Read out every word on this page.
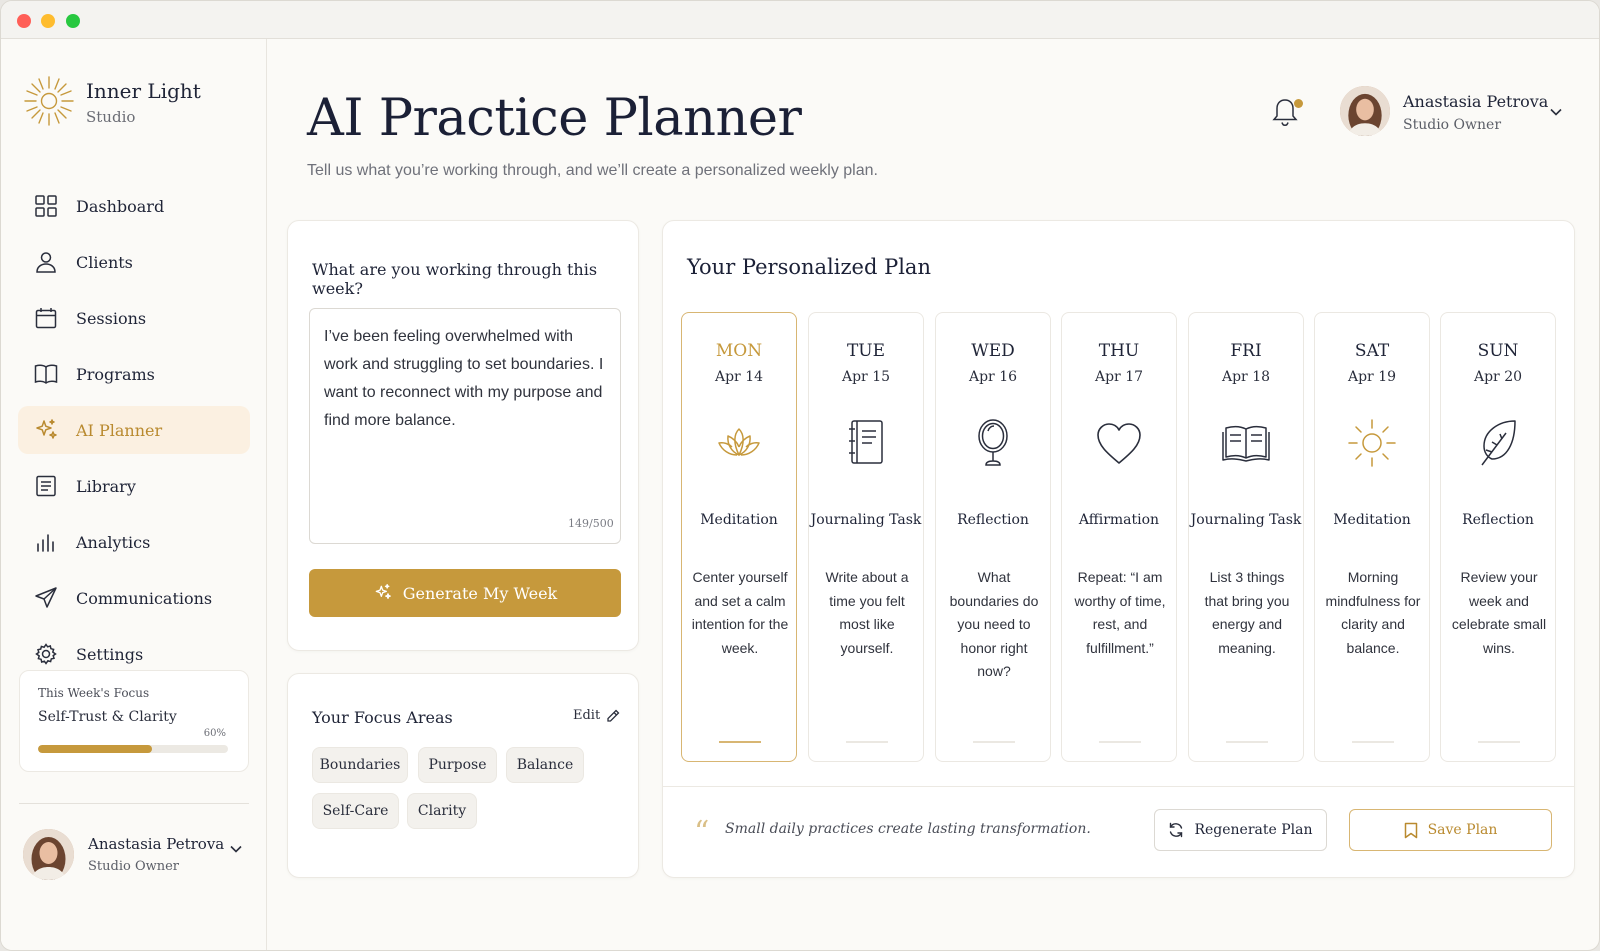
Inner Light
Studio
Dashboard
Clients
Sessions
Programs
AI Planner
Library
Analytics
Communications
Settings
This Week's Focus
Self-Trust & Clarity
60%
Anastasia Petrova
Studio Owner
AI Practice Planner
Tell us what you’re working through, and we’ll create a personalized weekly plan.
Anastasia Petrova
Studio Owner
What are you working through this week?
I’ve been feeling overwhelmed with work and struggling to set boundaries. I want to reconnect with my purpose and find more balance.
149/500
Generate My Week
Your Focus Areas	Edit
Boundaries	Purpose	Balance
Self-Care	Clarity
Your Personalized Plan
MON
Apr 14
Meditation
Center yourself and set a calm intention for the week.
TUE
Apr 15
Journaling Task
Write about a time you felt most like yourself.
WED
Apr 16
Reflection
What boundaries do you need to honor right now?
THU
Apr 17
Affirmation
Repeat: “I am worthy of time, rest, and fulfillment.”
FRI
Apr 18
Journaling Task
List 3 things that bring you energy and meaning.
SAT
Apr 19
Meditation
Morning mindfulness for clarity and balance.
SUN
Apr 20
Reflection
Review your week and celebrate small wins.
“ Small daily practices create lasting transformation.	Regenerate Plan	Save Plan
